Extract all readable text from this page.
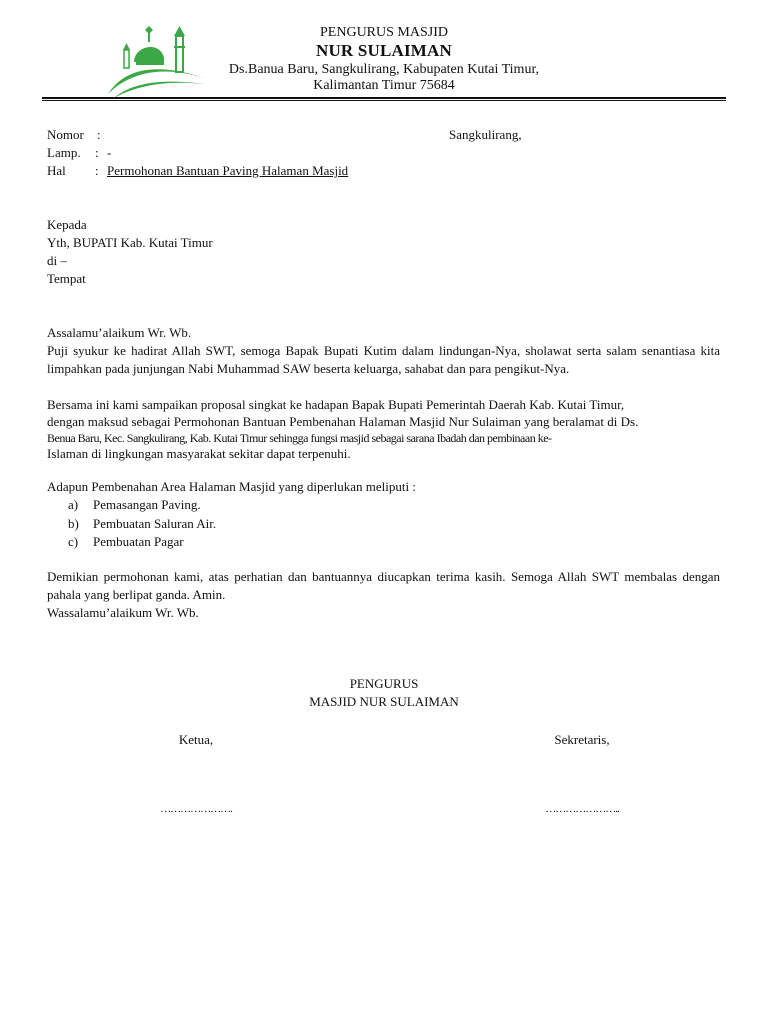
PENGURUS MASJID
NUR SULAIMAN
Ds.Banua Baru, Sangkulirang, Kabupaten Kutai Timur,
Kalimantan Timur 75684
Nomor :
Lamp. : -
Hal : Permohonan Bantuan Paving Halaman Masjid
Sangkulirang,
Kepada
Yth, BUPATI Kab. Kutai Timur
di –
Tempat
Assalamu’alaikum Wr. Wb.
Puji syukur ke hadirat Allah SWT, semoga Bapak Bupati Kutim dalam lindungan-Nya, sholawat serta salam senantiasa kita limpahkan pada junjungan Nabi Muhammad SAW beserta keluarga, sahabat dan para pengikut-Nya.
Bersama ini kami sampaikan proposal singkat ke hadapan Bapak Bupati Pemerintah Daerah Kab. Kutai Timur,
dengan maksud sebagai Permohonan Bantuan Pembenahan Halaman Masjid Nur Sulaiman yang beralamat di Ds.
Benua Baru, Kec. Sangkulirang, Kab. Kutai Timur sehingga fungsi masjid sebagai sarana Ibadah dan pembinaan ke-
Islaman di lingkungan masyarakat sekitar dapat terpenuhi.
Adapun Pembenahan Area Halaman Masjid yang diperlukan meliputi :
a)	Pemasangan Paving.
b)	Pembuatan Saluran Air.
c)	Pembuatan Pagar
Demikian permohonan kami, atas perhatian dan bantuannya diucapkan terima kasih. Semoga Allah SWT membalas dengan pahala yang berlipat ganda. Amin.
Wassalamu’alaikum Wr. Wb.
PENGURUS
MASJID NUR SULAIMAN
Ketua,	Sekretaris,
………………….	…………………..
